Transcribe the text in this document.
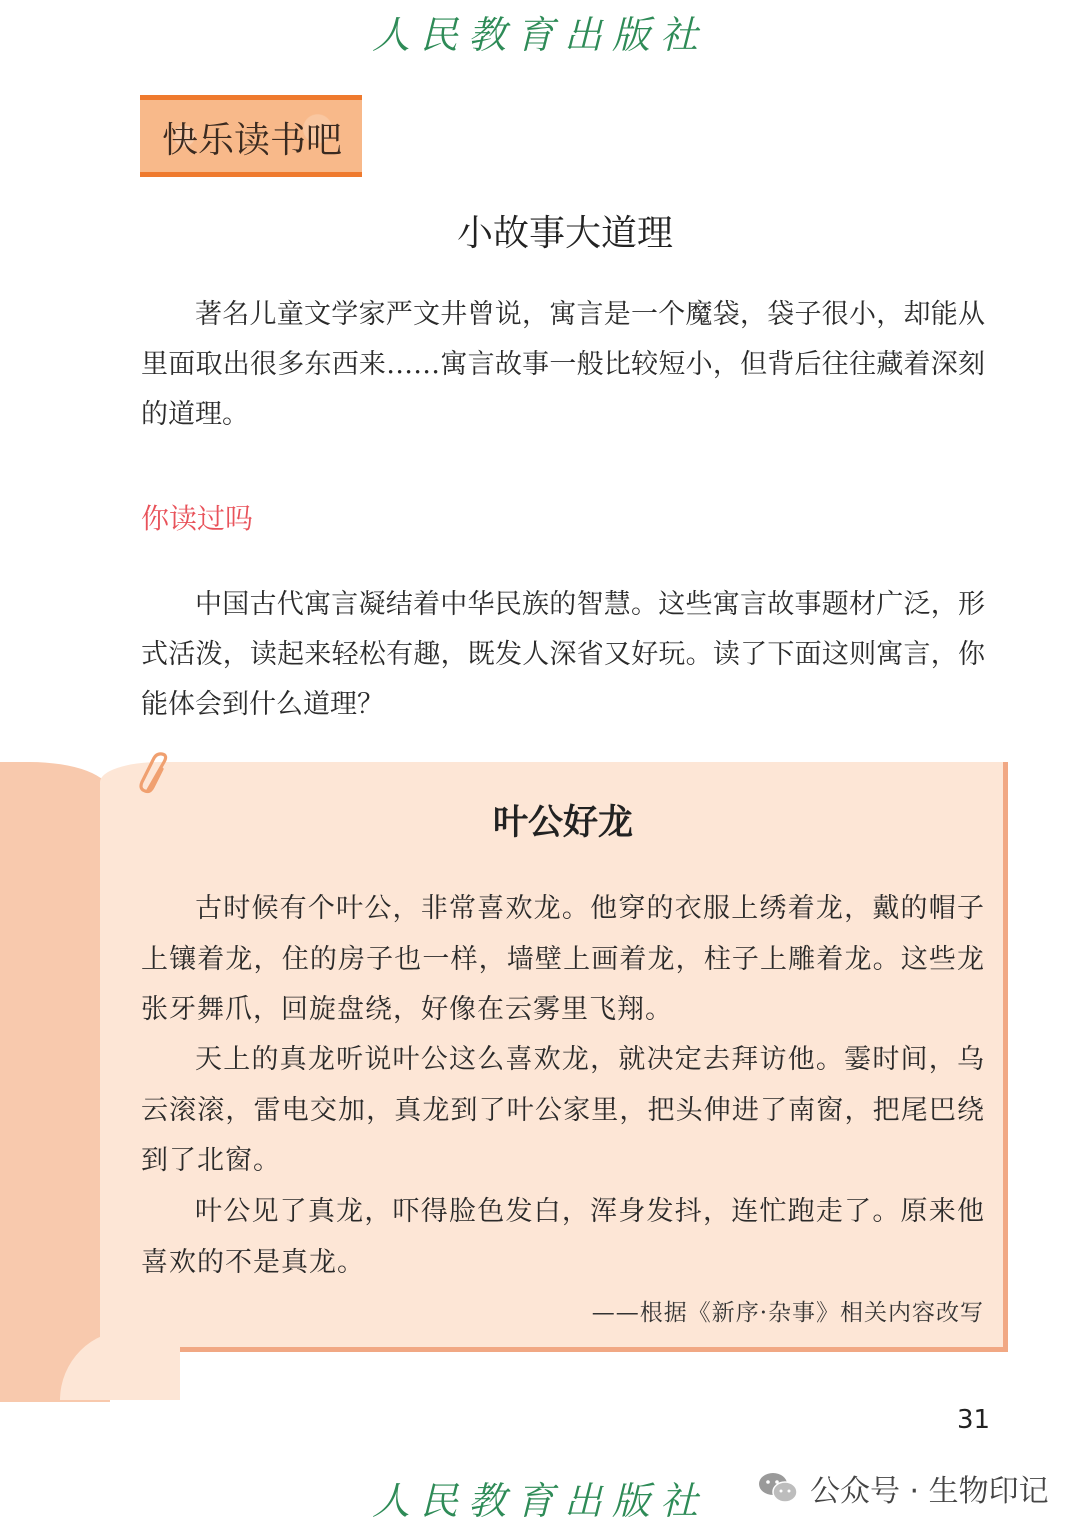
人民教育出版社
快乐读书吧
小故事大道理

著名儿童文学家严文井曾说，寓言是一个魔袋，袋子很小，却能从里面取出很多东西来……寓言故事一般比较短小，但背后往往藏着深刻的道理。

你读过吗

中国古代寓言凝结着中华民族的智慧。这些寓言故事题材广泛，形式活泼，读起来轻松有趣，既发人深省又好玩。读了下面这则寓言，你能体会到什么道理？

叶公好龙

古时候有个叶公，非常喜欢龙。他穿的衣服上绣着龙，戴的帽子上镶着龙，住的房子也一样，墙壁上画着龙，柱子上雕着龙。这些龙张牙舞爪，回旋盘绕，好像在云雾里飞翔。

天上的真龙听说叶公这么喜欢龙，就决定去拜访他。霎时间，乌云滚滚，雷电交加，真龙到了叶公家里，把头伸进了南窗，把尾巴绕到了北窗。

叶公见了真龙，吓得脸色发白，浑身发抖，连忙跑走了。原来他喜欢的不是真龙。

——根据《新序·杂事》相关内容改写
31
人民教育出版社	公众号 · 生物印记
